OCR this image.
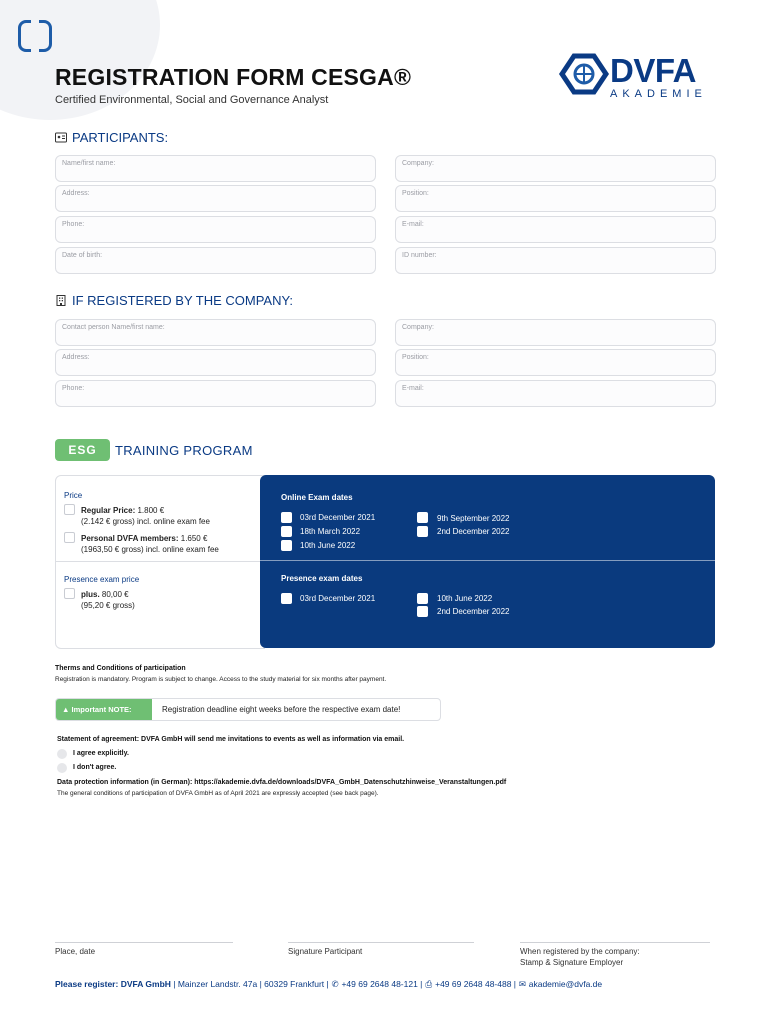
REGISTRATION FORM CESGA®
Certified Environmental, Social and Governance Analyst
DVFA
AKADEMIE
PARTICIPANTS:
Name/first name:	Company:
Address:	Position:
Phone:	E-mail:
Date of birth:	ID number:
IF REGISTERED BY THE COMPANY:
Contact person Name/first name:	Company:
Address:	Position:
Phone:	E-mail:
ESG	TRAINING PROGRAM
Price
Regular Price: 1.800 €
(2.142 € gross) incl. online exam fee
Personal DVFA members: 1.650 €
(1963,50 € gross) incl. online exam fee
Presence exam price
plus. 80,00 €
(95,20 € gross)
Online Exam dates
03rd December 2021
18th March 2022
10th June 2022
9th September 2022
2nd December 2022
Presence exam dates
03rd December 2021	10th June 2022
2nd December 2022
Therms and Conditions of participation
Registration is mandatory. Program is subject to change. Access to the study material for six months after payment.
▲ Important NOTE:	Registration deadline eight weeks before the respective exam date!
Statement of agreement: DVFA GmbH will send me invitations to events as well as information via email.
I agree explicitly.
I don't agree.
Data protection information (in German): https://akademie.dvfa.de/downloads/DVFA_GmbH_Datenschutzhinweise_Veranstaltungen.pdf
The general conditions of participation of DVFA GmbH as of April 2021 are expressly accepted (see back page).
Place, date	Signature Participant	When registered by the company:
Stamp & Signature Employer
Please register: DVFA GmbH | Mainzer Landstr. 47a | 60329 Frankfurt | ✆ +49 69 2648 48-121 | ⎙ +49 69 2648 48-488 | ✉ akademie@dvfa.de
